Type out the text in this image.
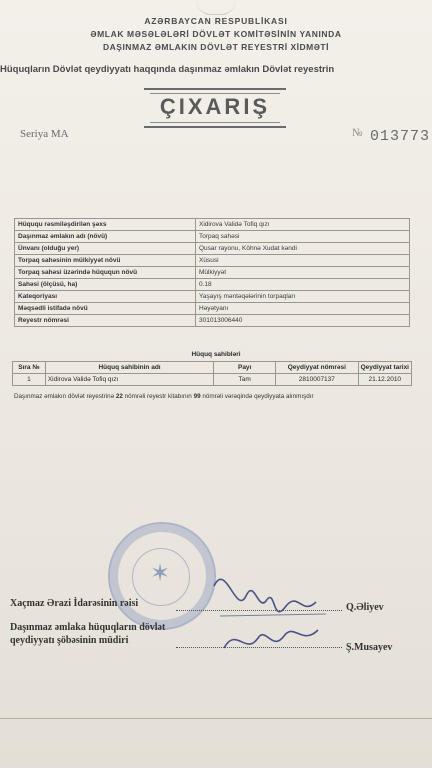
AZƏRBAYCAN RESPUBLİKASI
ƏMLAK MƏSƏLƏLƏRİ DÖVLƏT KOMİTƏSİNİN YANINDA
DAŞINMAZ ƏMLAKIN DÖVLƏT REYESTRİ XİDMƏTİ
Hüquqların Dövlət qeydiyyatı haqqında daşınmaz əmlakın Dövlət reyestrin
ÇIXARIŞ
Seriya MA	№ 013773
Hüququ rəsmiləşdirilən şəxs	Xidirova Validə Tofiq qızı
Daşınmaz əmlakın adı (növü)	Torpaq sahəsi
Ünvanı (olduğu yer)	Qusar rayonu, Köhnə Xudat kəndi
Torpaq sahəsinin mülkiyyət növü	Xüsusi
Torpaq sahəsi üzərində hüququn növü	Mülkiyyət
Sahəsi (ölçüsü, ha)	0.18
Kateqoriyası	Yaşayış məntəqələrinin torpaqları
Məqsədli istifadə növü	Həyətyanı
Reyestr nömrəsi	301013006440
Hüquq sahibləri
Sıra №	Hüquq sahibinin adı	Payı	Qeydiyyat nömrəsi	Qeydiyyat tarixi
1	Xidirova Validə Tofiq qızı	Tam	2810007137	21.12.2010
Daşınmaz əmlakın dövlət reyestrinə 22 nömrəli reyestr kitabının 99 nömrəli vərəqində qeydiyyata alınmışdır
✶
Xaçmaz Ərazi İdarəsinin rəisi	Q.Əliyev
Daşınmaz əmlaka hüquqların dövlət
qeydiyyatı şöbəsinin müdiri
Ş.Musayev
